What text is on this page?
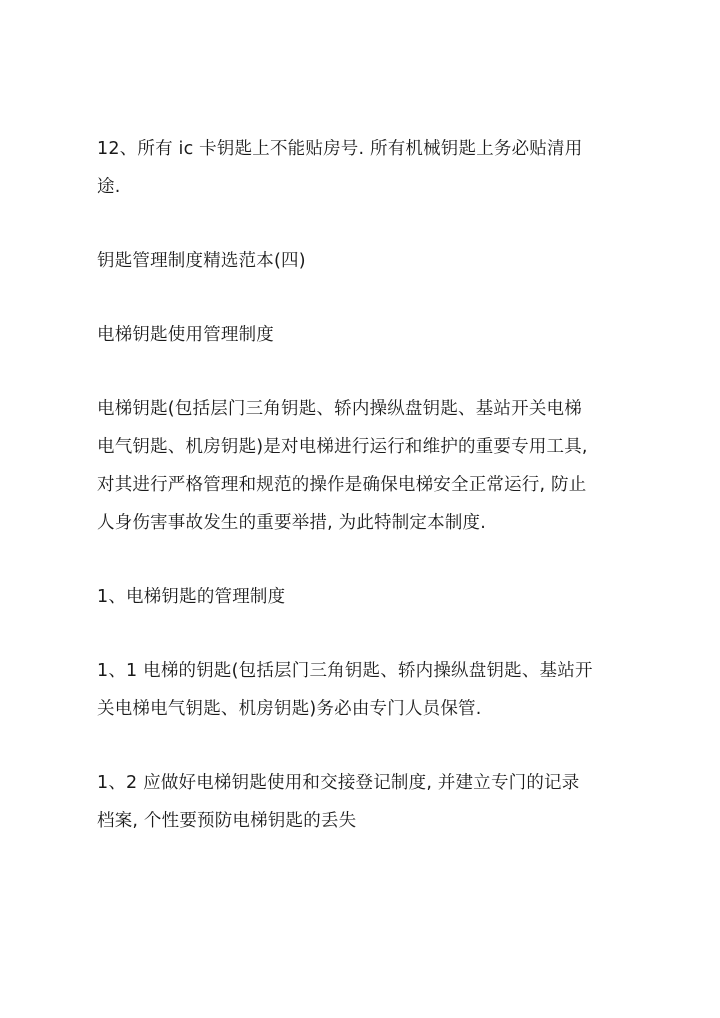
12、所有 ic 卡钥匙上不能贴房号. 所有机械钥匙上务必贴清用
途.

钥匙管理制度精选范本(四)

电梯钥匙使用管理制度

电梯钥匙(包括层门三角钥匙、轿内操纵盘钥匙、基站开关电梯
电气钥匙、机房钥匙)是对电梯进行运行和维护的重要专用工具,
对其进行严格管理和规范的操作是确保电梯安全正常运行, 防止
人身伤害事故发生的重要举措, 为此特制定本制度.

1、电梯钥匙的管理制度

1、1 电梯的钥匙(包括层门三角钥匙、轿内操纵盘钥匙、基站开
关电梯电气钥匙、机房钥匙)务必由专门人员保管.

1、2 应做好电梯钥匙使用和交接登记制度, 并建立专门的记录
档案, 个性要预防电梯钥匙的丢失
